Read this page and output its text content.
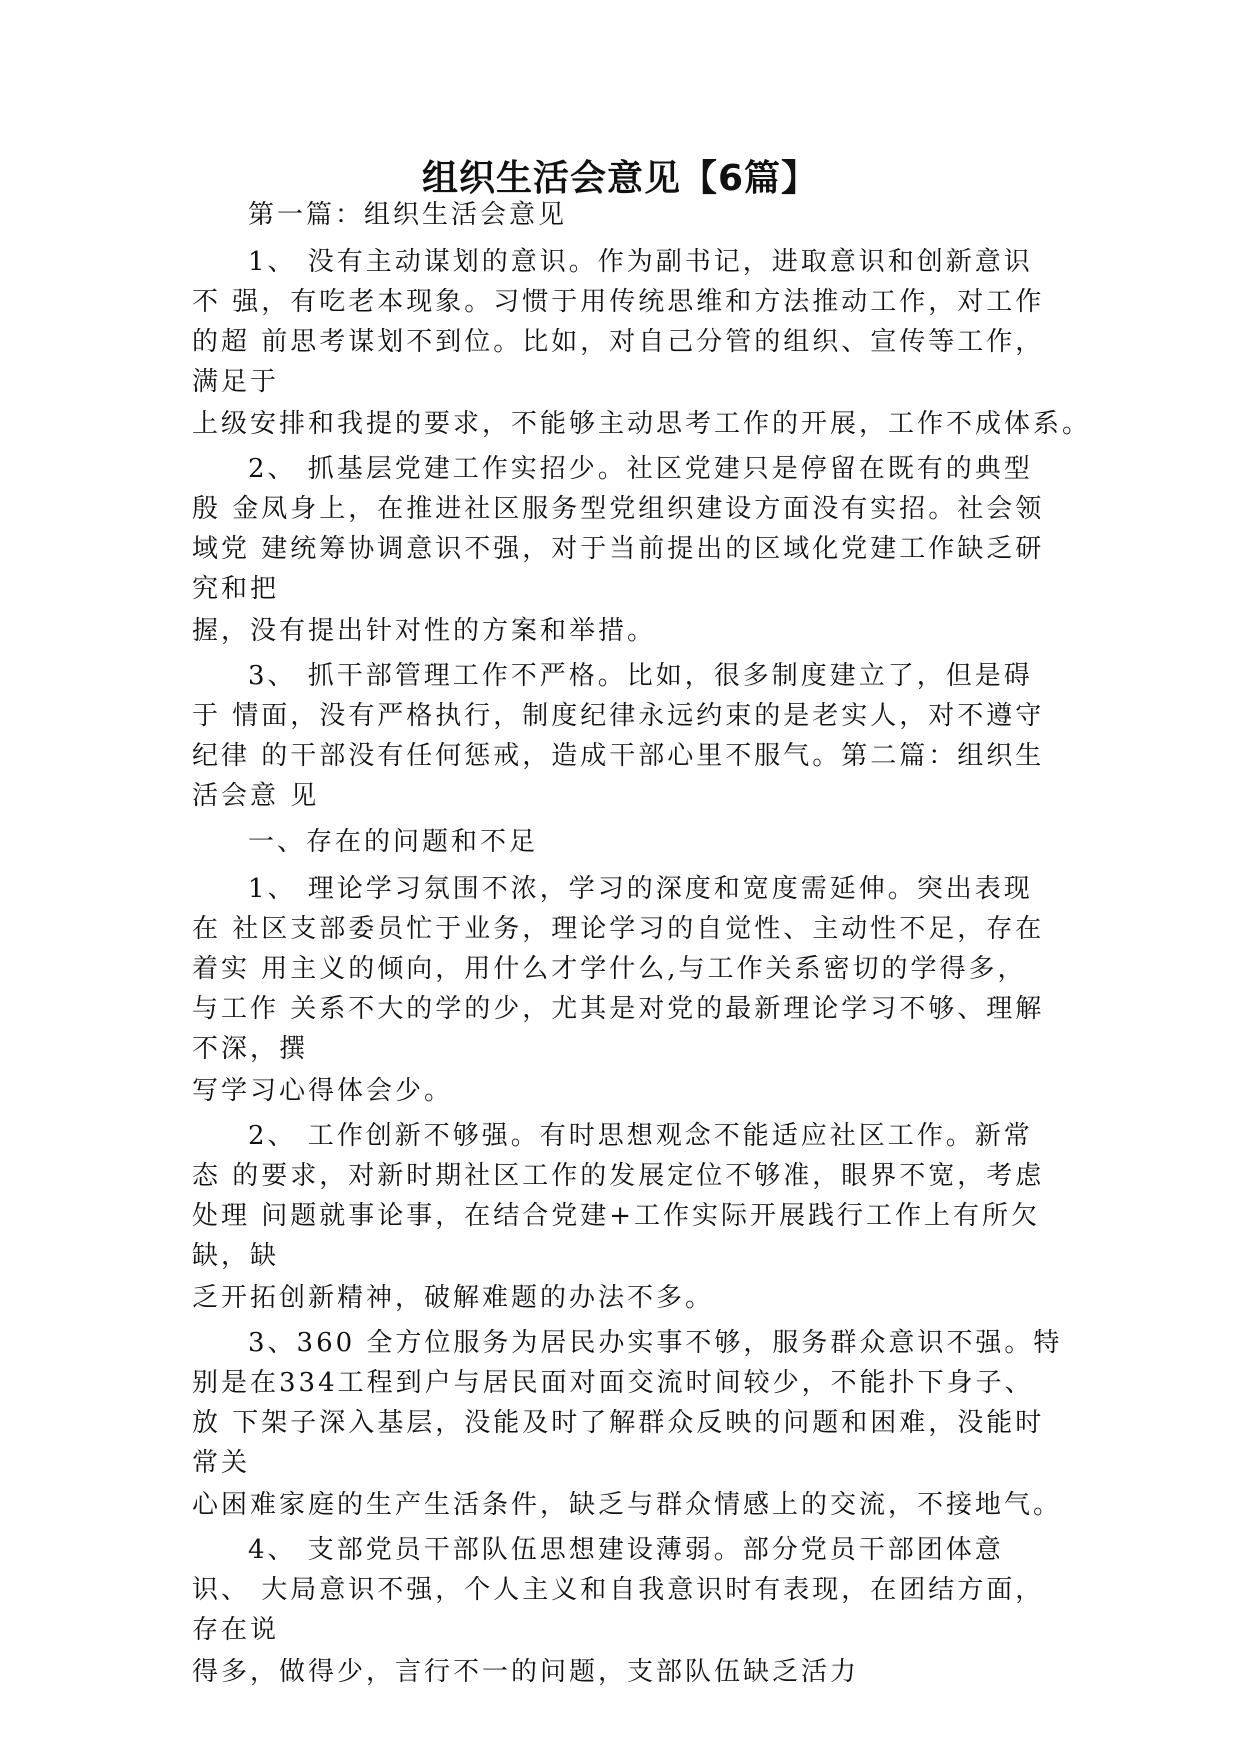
组织生活会意见【6篇】
第一篇：组织生活会意见
1、 没有主动谋划的意识。作为副书记，进取意识和创新意识
不 强，有吃老本现象。习惯于用传统思维和方法推动工作，对工作
的超 前思考谋划不到位。比如，对自己分管的组织、宣传等工作，
满足于
上级安排和我提的要求，不能够主动思考工作的开展，工作不成体系。
2、 抓基层党建工作实招少。社区党建只是停留在既有的典型
殷 金凤身上，在推进社区服务型党组织建设方面没有实招。社会领
域党 建统筹协调意识不强，对于当前提出的区域化党建工作缺乏研
究和把
握，没有提出针对性的方案和举措。
3、 抓干部管理工作不严格。比如，很多制度建立了，但是碍
于 情面，没有严格执行，制度纪律永远约束的是老实人，对不遵守
纪律 的干部没有任何惩戒，造成干部心里不服气。第二篇：组织生
活会意 见
一、存在的问题和不足
1、 理论学习氛围不浓，学习的深度和宽度需延伸。突出表现
在 社区支部委员忙于业务，理论学习的自觉性、主动性不足，存在
着实 用主义的倾向，用什么才学什么,与工作关系密切的学得多，
与工作 关系不大的学的少，尤其是对党的最新理论学习不够、理解
不深，撰
写学习心得体会少。
2、 工作创新不够强。有时思想观念不能适应社区工作。新常
态 的要求，对新时期社区工作的发展定位不够准，眼界不宽，考虑
处理 问题就事论事，在结合党建+工作实际开展践行工作上有所欠
缺，缺
乏开拓创新精神，破解难题的办法不多。
3、360 全方位服务为居民办实事不够，服务群众意识不强。特
别是在334工程到户与居民面对面交流时间较少，不能扑下身子、
放 下架子深入基层，没能及时了解群众反映的问题和困难，没能时
常关
心困难家庭的生产生活条件，缺乏与群众情感上的交流，不接地气。
4、 支部党员干部队伍思想建设薄弱。部分党员干部团体意
识、 大局意识不强，个人主义和自我意识时有表现，在团结方面，
存在说
得多，做得少，言行不一的问题，支部队伍缺乏活力
